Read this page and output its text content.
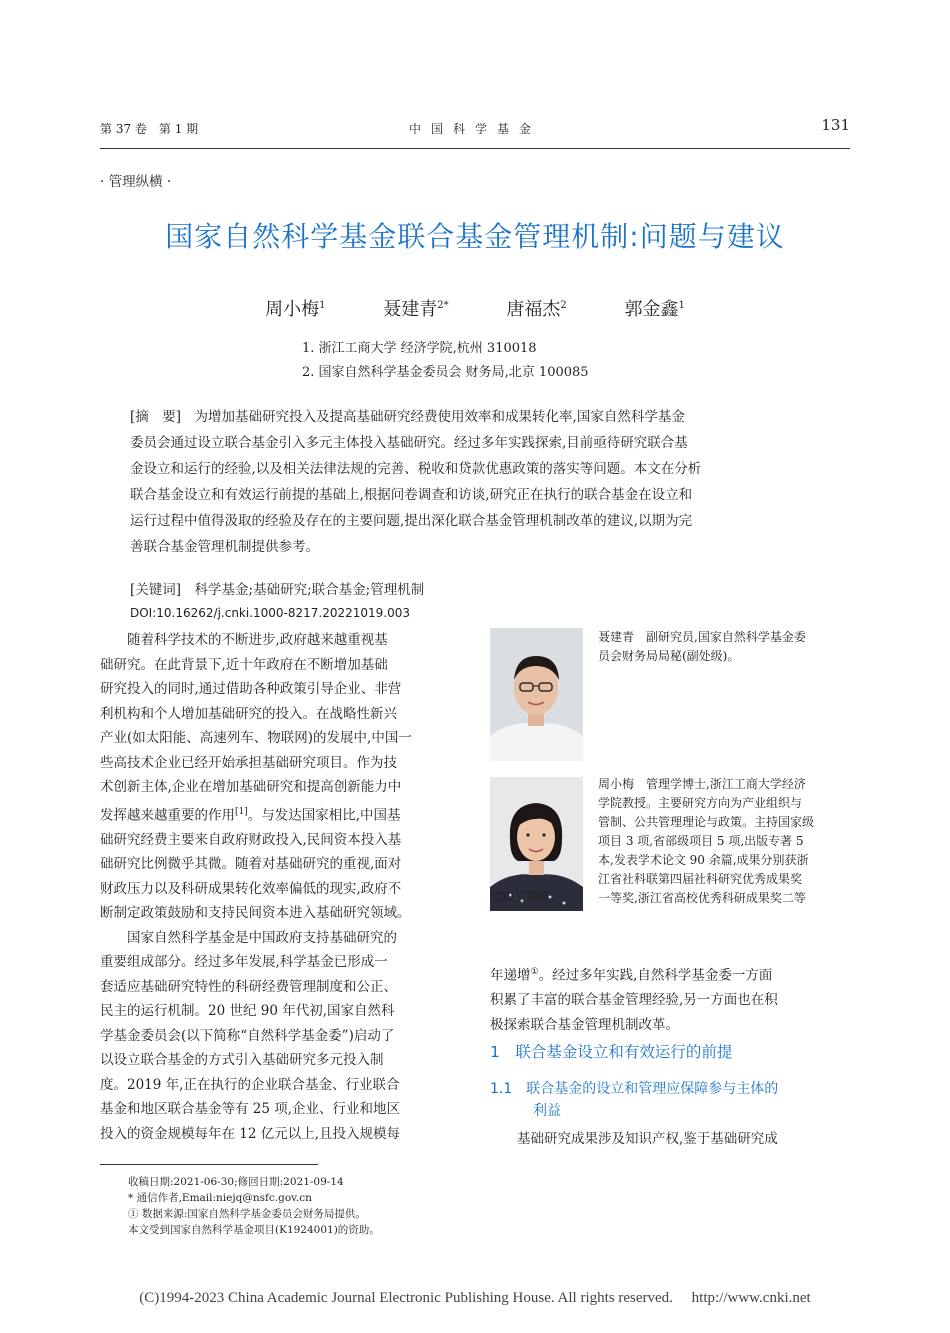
第 37 卷　第 1 期	中国科学基金	131
· 管理纵横 ·
国家自然科学基金联合基金管理机制:问题与建议
周小梅$^1$	聂建青$^{2*}$	唐福杰$^2$	郭金鑫$^1$
1. 浙江工商大学 经济学院,杭州 310018
2. 国家自然科学基金委员会 财务局,北京 100085
[摘　要]　 为增加基础研究投入及提高基础研究经费使用效率和成果转化率,国家自然科学基金
委员会通过设立联合基金引入多元主体投入基础研究。经过多年实践探索,目前亟待研究联合基
金设立和运行的经验,以及相关法律法规的完善、税收和贷款优惠政策的落实等问题。本文在分析
联合基金设立和有效运行前提的基础上,根据问卷调查和访谈,研究正在执行的联合基金在设立和
运行过程中值得汲取的经验及存在的主要问题,提出深化联合基金管理机制改革的建议,以期为完
善联合基金管理机制提供参考。
[关键词]　 科学基金;基础研究;联合基金;管理机制
DOI:10.16262/j.cnki.1000-8217.20221019.003
随着科学技术的不断进步,政府越来越重视基
础研究。在此背景下,近十年政府在不断增加基础
研究投入的同时,通过借助各种政策引导企业、非营
利机构和个人增加基础研究的投入。在战略性新兴
产业(如太阳能、高速列车、物联网)的发展中,中国一
些高技术企业已经开始承担基础研究项目。作为技
术创新主体,企业在增加基础研究和提高创新能力中
发挥越来越重要的作用[1]。与发达国家相比,中国基
础研究经费主要来自政府财政投入,民间资本投入基
础研究比例微乎其微。随着对基础研究的重视,面对
财政压力以及科研成果转化效率偏低的现实,政府不
断制定政策鼓励和支持民间资本进入基础研究领域。
国家自然科学基金是中国政府支持基础研究的
重要组成部分。经过多年发展,科学基金已形成一
套适应基础研究特性的科研经费管理制度和公正、
民主的运行机制。20 世纪 90 年代初,国家自然科
学基金委员会(以下简称“自然科学基金委”)启动了
以设立联合基金的方式引入基础研究多元投入制
度。2019 年,正在执行的企业联合基金、行业联合
基金和地区联合基金等有 25 项,企业、行业和地区
投入的资金规模每年在 12 亿元以上,且投入规模每
聂建青　副研究员,国家自然科学基金委
员会财务局局秘(副处级)。
周小梅　管理学博士,浙江工商大学经济
学院教授。主要研究方向为产业组织与
管制、公共管理理论与政策。主持国家级
项目 3 项,省部级项目 5 项,出版专著 5
本,发表学术论文 90 余篇,成果分别获浙
江省社科联第四届社科研究优秀成果奖
一等奖,浙江省高校优秀科研成果奖二等
奖和三等奖。
年递增①。经过多年实践,自然科学基金委一方面
积累了丰富的联合基金管理经验,另一方面也在积
极探索联合基金管理机制改革。
1　联合基金设立和有效运行的前提
1.1　联合基金的设立和管理应保障参与主体的
利益
基础研究成果涉及知识产权,鉴于基础研究成
收稿日期:2021-06-30;修回日期:2021-09-14
* 通信作者,Email:niejq@nsfc.gov.cn
① 数据来源:国家自然科学基金委员会财务局提供。
本文受到国家自然科学基金项目(K1924001)的资助。
(C)1994-2023 China Academic Journal Electronic Publishing House. All rights reserved.　 http://www.cnki.net
